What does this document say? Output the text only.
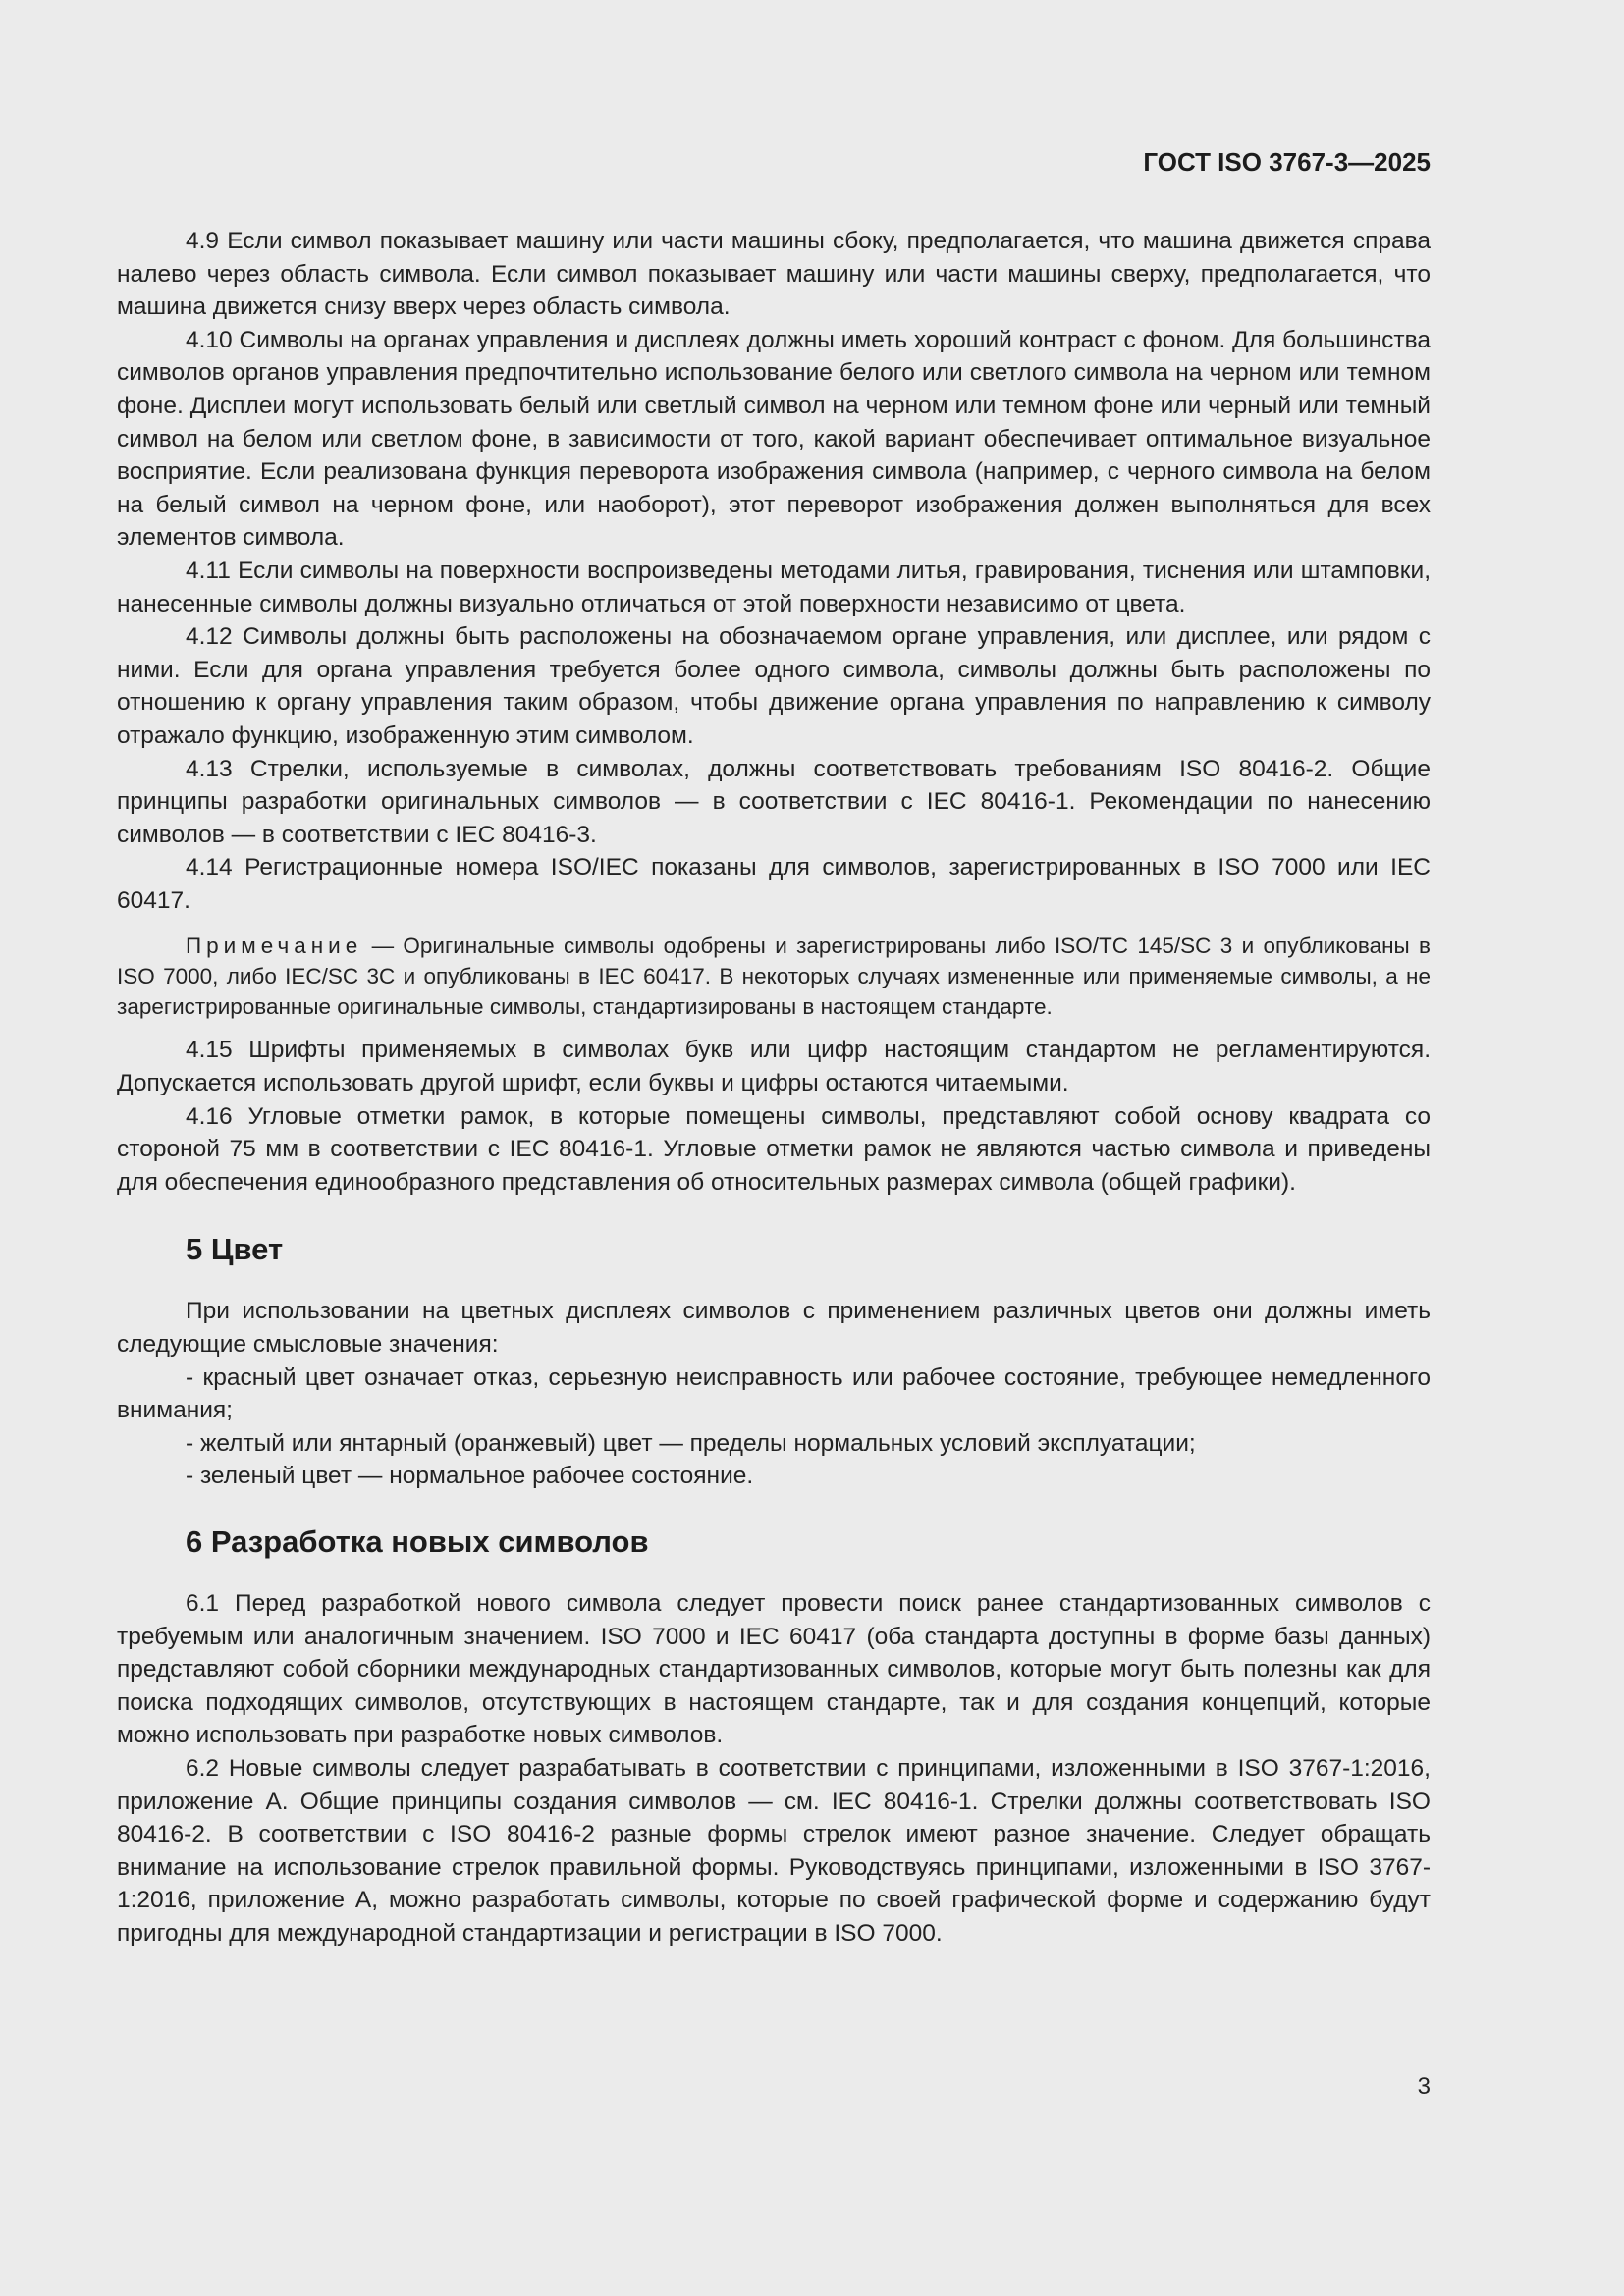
ГОСТ ISO 3767-3—2025

4.9 Если символ показывает машину или части машины сбоку, предполагается, что машина движется справа налево через область символа. Если символ показывает машину или части машины сверху, предполагается, что машина движется снизу вверх через область символа.

4.10 Символы на органах управления и дисплеях должны иметь хороший контраст с фоном. Для большинства символов органов управления предпочтительно использование белого или светлого символа на черном или темном фоне. Дисплеи могут использовать белый или светлый символ на черном или темном фоне или черный или темный символ на белом или светлом фоне, в зависимости от того, какой вариант обеспечивает оптимальное визуальное восприятие. Если реализована функция переворота изображения символа (например, с черного символа на белом на белый символ на черном фоне, или наоборот), этот переворот изображения должен выполняться для всех элементов символа.

4.11 Если символы на поверхности воспроизведены методами литья, гравирования, тиснения или штамповки, нанесенные символы должны визуально отличаться от этой поверхности независимо от цвета.

4.12 Символы должны быть расположены на обозначаемом органе управления, или дисплее, или рядом с ними. Если для органа управления требуется более одного символа, символы должны быть расположены по отношению к органу управления таким образом, чтобы движение органа управления по направлению к символу отражало функцию, изображенную этим символом.

4.13 Стрелки, используемые в символах, должны соответствовать требованиям ISO 80416-2. Общие принципы разработки оригинальных символов — в соответствии с IEC 80416-1. Рекомендации по нанесению символов — в соответствии с IEC 80416-3.

4.14 Регистрационные номера ISO/IEC показаны для символов, зарегистрированных в ISO 7000 или IEC 60417.

Примечание — Оригинальные символы одобрены и зарегистрированы либо ISO/TC 145/SC 3 и опубликованы в ISO 7000, либо IEC/SC 3C и опубликованы в IEC 60417. В некоторых случаях измененные или применяемые символы, а не зарегистрированные оригинальные символы, стандартизированы в настоящем стандарте.

4.15 Шрифты применяемых в символах букв или цифр настоящим стандартом не регламентируются. Допускается использовать другой шрифт, если буквы и цифры остаются читаемыми.

4.16 Угловые отметки рамок, в которые помещены символы, представляют собой основу квадрата со стороной 75 мм в соответствии с IEC 80416-1. Угловые отметки рамок не являются частью символа и приведены для обеспечения единообразного представления об относительных размерах символа (общей графики).

5 Цвет

При использовании на цветных дисплеях символов с применением различных цветов они должны иметь следующие смысловые значения:

- красный цвет означает отказ, серьезную неисправность или рабочее состояние, требующее немедленного внимания;

- желтый или янтарный (оранжевый) цвет — пределы нормальных условий эксплуатации;

- зеленый цвет — нормальное рабочее состояние.

6 Разработка новых символов

6.1 Перед разработкой нового символа следует провести поиск ранее стандартизованных символов с требуемым или аналогичным значением. ISO 7000 и IEC 60417 (оба стандарта доступны в форме базы данных) представляют собой сборники международных стандартизованных символов, которые могут быть полезны как для поиска подходящих символов, отсутствующих в настоящем стандарте, так и для создания концепций, которые можно использовать при разработке новых символов.

6.2 Новые символы следует разрабатывать в соответствии с принципами, изложенными в ISO 3767-1:2016, приложение А. Общие принципы создания символов — см. IEC 80416-1. Стрелки должны соответствовать ISO 80416-2. В соответствии с ISO 80416-2 разные формы стрелок имеют разное значение. Следует обращать внимание на использование стрелок правильной формы. Руководствуясь принципами, изложенными в ISO 3767-1:2016, приложение А, можно разработать символы, которые по своей графической форме и содержанию будут пригодны для международной стандартизации и регистрации в ISO 7000.

3
